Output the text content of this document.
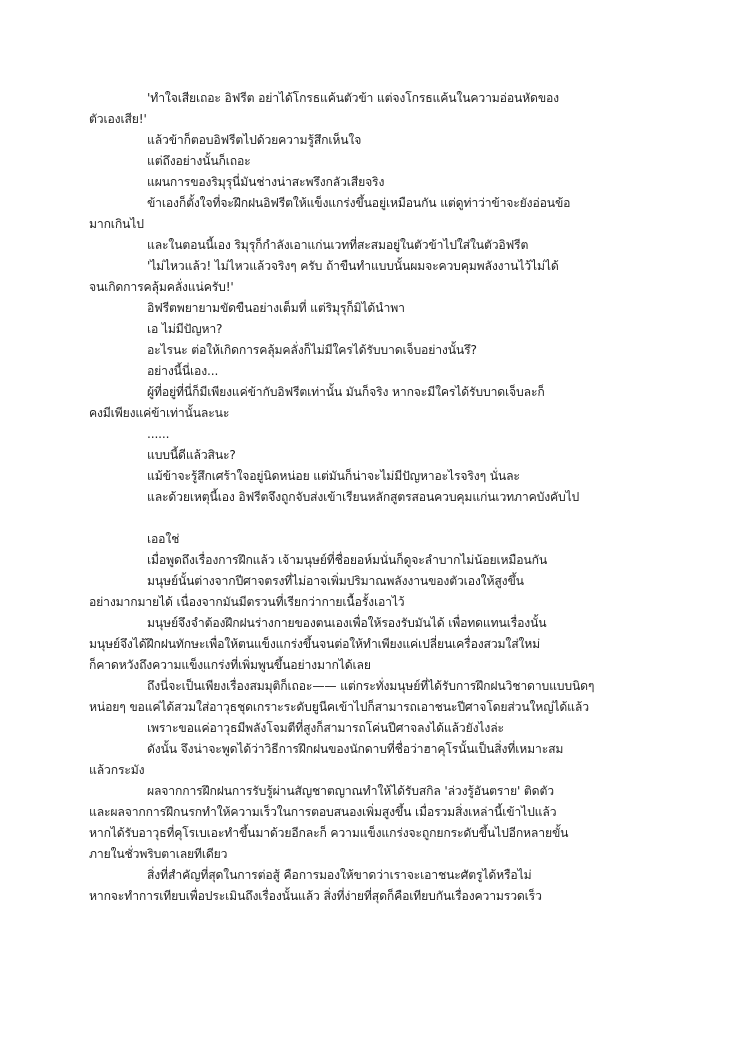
'ทำใจเสียเถอะ อิฟรีต อย่าได้โกรธแค้นตัวข้า แต่จงโกรธแค้นในความอ่อนหัดของ
ตัวเองเสีย!'
แล้วข้าก็ตอบอิฟรีตไปด้วยความรู้สึกเห็นใจ
แต่ถึงอย่างนั้นก็เถอะ
แผนการของริมุรุนี่มันช่างน่าสะพรึงกลัวเสียจริง
ข้าเองก็ตั้งใจที่จะฝึกฝนอิฟรีตให้แข็งแกร่งขึ้นอยู่เหมือนกัน แต่ดูท่าว่าข้าจะยังอ่อนข้อ
มากเกินไป
และในตอนนี้เอง ริมุรุก็กำลังเอาแก่นเวทที่สะสมอยู่ในตัวข้าไปใส่ในตัวอิฟรีต
'ไม่ไหวแล้ว! ไม่ไหวแล้วจริงๆ ครับ ถ้าขืนทำแบบนั้นผมจะควบคุมพลังงานไว้ไม่ได้
จนเกิดการคลุ้มคลั่งแน่ครับ!'
อิฟรีตพยายามขัดขืนอย่างเต็มที่ แต่ริมุรุก็มิได้นำพา
เอ ไม่มีปัญหา?
อะไรนะ ต่อให้เกิดการคลุ้มคลั่งก็ไม่มีใครได้รับบาดเจ็บอย่างนั้นรึ?
อย่างนี้นี่เอง...
ผู้ที่อยู่ที่นี่ก็มีเพียงแค่ข้ากับอิฟรีตเท่านั้น มันก็จริง หากจะมีใครได้รับบาดเจ็บละก็
คงมีเพียงแค่ข้าเท่านั้นละนะ
......
แบบนี้ดีแล้วสินะ?
แม้ข้าจะรู้สึกเศร้าใจอยู่นิดหน่อย แต่มันก็น่าจะไม่มีปัญหาอะไรจริงๆ นั่นละ
และด้วยเหตุนี้เอง อิฟรีตจึงถูกจับส่งเข้าเรียนหลักสูตรสอนควบคุมแก่นเวทภาคบังคับไป
เออใช่
เมื่อพูดถึงเรื่องการฝึกแล้ว เจ้ามนุษย์ที่ชื่อยอห์มนั่นก็ดูจะลำบากไม่น้อยเหมือนกัน
มนุษย์นั้นต่างจากปีศาจตรงที่ไม่อาจเพิ่มปริมาณพลังงานของตัวเองให้สูงขึ้น
อย่างมากมายได้ เนื่องจากมันมีตรวนที่เรียกว่ากายเนื้อรั้งเอาไว้
มนุษย์จึงจำต้องฝึกฝนร่างกายของตนเองเพื่อให้รองรับมันได้ เพื่อทดแทนเรื่องนั้น
มนุษย์จึงได้ฝึกฝนทักษะเพื่อให้ตนแข็งแกร่งขึ้นจนต่อให้ทำเพียงแค่เปลี่ยนเครื่องสวมใส่ใหม่
ก็คาดหวังถึงความแข็งแกร่งที่เพิ่มพูนขึ้นอย่างมากได้เลย
ถึงนี่จะเป็นเพียงเรื่องสมมุติก็เถอะ—— แต่กระทั่งมนุษย์ที่ได้รับการฝึกฝนวิชาดาบแบบนิดๆ
หน่อยๆ ขอแค่ได้สวมใส่อาวุธชุดเกราะระดับยูนีคเข้าไปก็สามารถเอาชนะปีศาจโดยส่วนใหญ่ได้แล้ว
เพราะขอแค่อาวุธมีพลังโจมตีที่สูงก็สามารถโค่นปีศาจลงได้แล้วยังไงล่ะ
ดังนั้น จึงน่าจะพูดได้ว่าวิธีการฝึกฝนของนักดาบที่ชื่อว่าฮาคุโรนั้นเป็นสิ่งที่เหมาะสม
แล้วกระมัง
ผลจากการฝึกฝนการรับรู้ผ่านสัญชาตญาณทำให้ได้รับสกิล 'ล่วงรู้อันตราย' ติดตัว
และผลจากการฝึกนรกทำให้ความเร็วในการตอบสนองเพิ่มสูงขึ้น เมื่อรวมสิ่งเหล่านี้เข้าไปแล้ว
หากได้รับอาวุธที่คุโรเบเอะทำขึ้นมาด้วยอีกละก็ ความแข็งแกร่งจะถูกยกระดับขึ้นไปอีกหลายขั้น
ภายในชั่วพริบตาเลยทีเดียว
สิ่งที่สำคัญที่สุดในการต่อสู้ คือการมองให้ขาดว่าเราจะเอาชนะศัตรูได้หรือไม่
หากจะทำการเทียบเพื่อประเมินถึงเรื่องนั้นแล้ว สิ่งที่ง่ายที่สุดก็คือเทียบกันเรื่องความรวดเร็ว
